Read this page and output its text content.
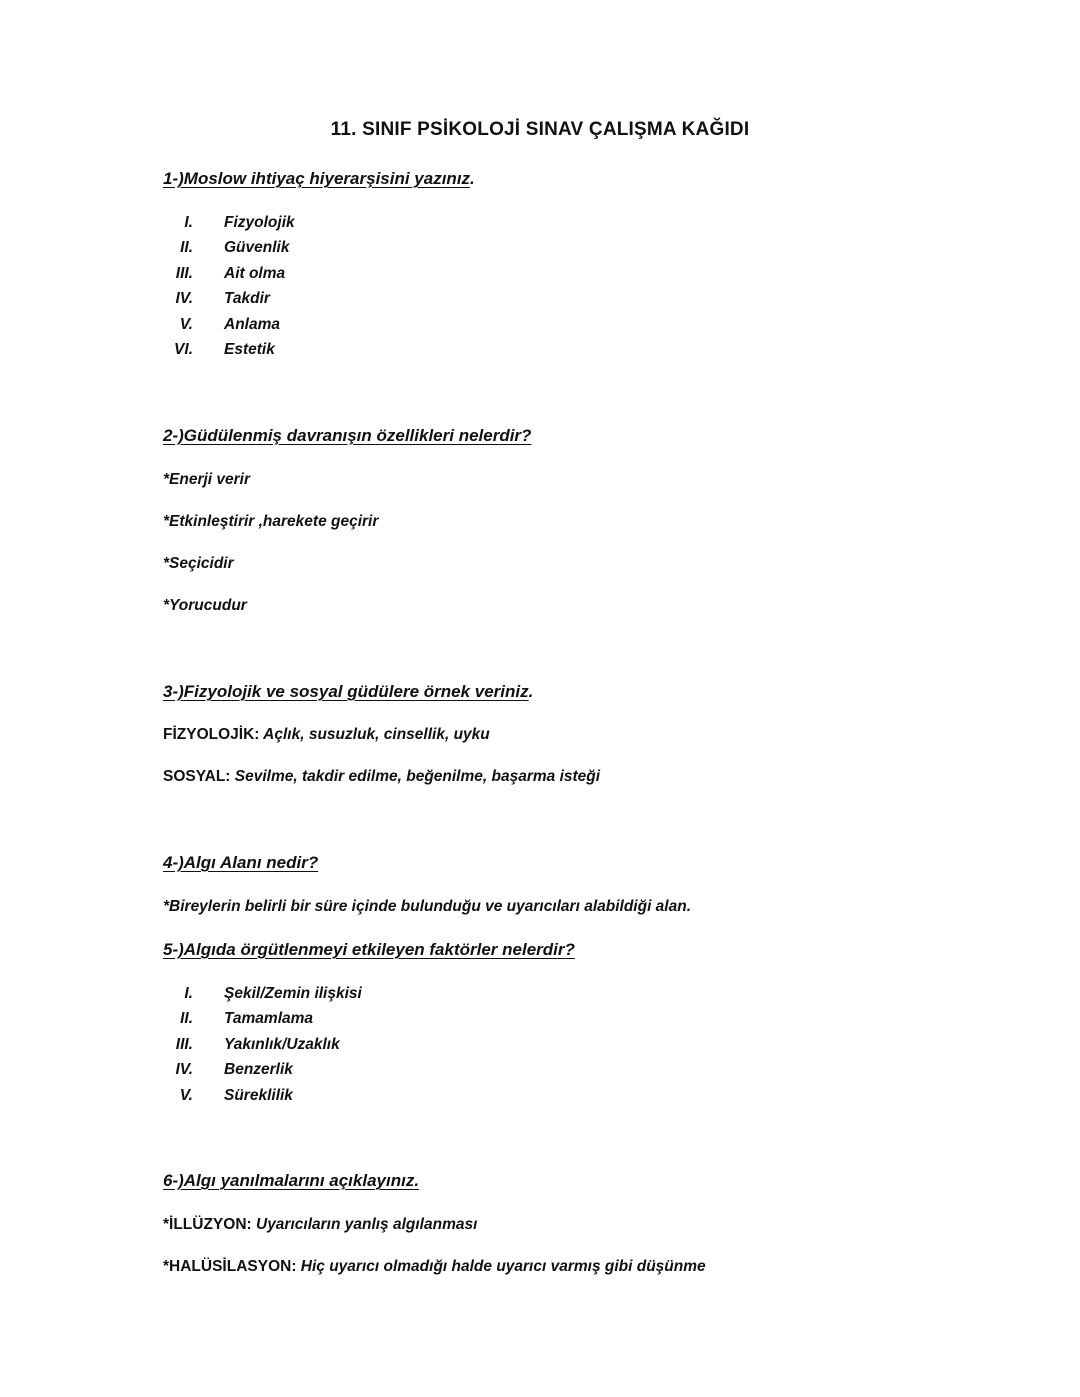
11. SINIF PSİKOLOJİ SINAV ÇALIŞMA KAĞIDI
1-)Moslow ihtiyaç hiyerarşisini yazınız.
I. Fizyolojik
II. Güvenlik
III. Ait olma
IV. Takdir
V. Anlama
VI. Estetik
2-)Güdülenmiş davranışın özellikleri nelerdir?
*Enerji verir
*Etkinleştirir ,harekete geçirir
*Seçicidir
*Yorucudur
3-)Fizyolojik ve sosyal güdülere örnek veriniz.
FİZYOLOJİK: Açlık, susuzluk, cinsellik, uyku
SOSYAL: Sevilme, takdir edilme, beğenilme, başarma isteği
4-)Algı Alanı nedir?
*Bireylerin belirli bir süre içinde bulunduğu ve uyarıcıları alabildiği alan.
5-)Algıda örgütlenmeyi etkileyen faktörler nelerdir?
I. Şekil/Zemin ilişkisi
II. Tamamlama
III. Yakınlık/Uzaklık
IV. Benzerlik
V. Süreklilik
6-)Algı yanılmalarını açıklayınız.
*İLLÜZYON: Uyarıcıların yanlış algılanması
*HALÜSİLASYON: Hiç uyarıcı olmadığı halde uyarıcı varmış gibi düşünme
